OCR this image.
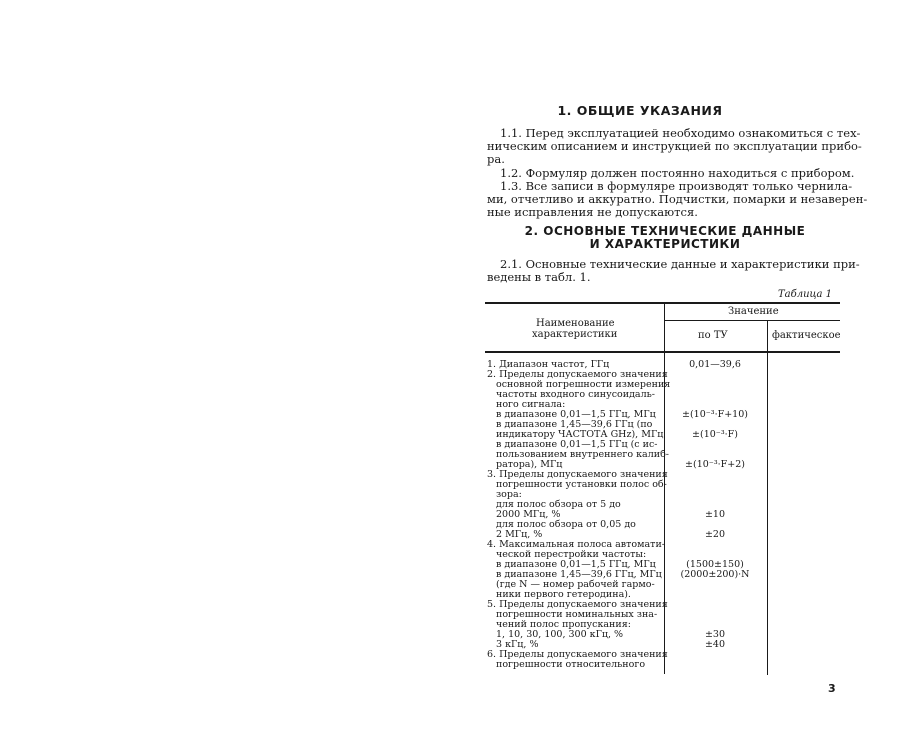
1. ОБЩИЕ УКАЗАНИЯ
1.1. Перед эксплуатацией необходимо ознакомиться с тех-
ническим описанием и инструкцией по эксплуатации прибо-
ра.
1.2. Формуляр должен постоянно находиться с прибором.
1.3. Все записи в формуляре производят только чернила-
ми, отчетливо и аккуратно. Подчистки, помарки и незаверен-
ные исправления не допускаются.
2. ОСНОВНЫЕ ТЕХНИЧЕСКИЕ ДАННЫЕ
И ХАРАКТЕРИСТИКИ
2.1. Основные технические данные и характеристики при-
ведены в табл. 1.
Таблица 1
Наименование
характеристики
Значение
по ТУ	фактическое
1. Диапазон частот, ГГц	0,01—39,6
2. Пределы допускаемого значения
основной погрешности измерения
частоты входного синусоидаль-
ного сигнала:
в диапазоне 0,01—1,5 ГГц, МГц	±(10⁻³·F+10)
в диапазоне 1,45—39,6 ГГц (по
индикатору ЧАСТОТА GHz), МГц	±(10⁻³·F)
в диапазоне 0,01—1,5 ГГц (с ис-
пользованием внутреннего калиб-
ратора), МГц	±(10⁻³·F+2)
3. Пределы допускаемого значения
погрешности установки полос об-
зора:
для полос обзора от 5 до
2000 МГц, %	±10
для полос обзора от 0,05 до
2 МГц, %	±20
4. Максимальная полоса автомати-
ческой перестройки частоты:
в диапазоне 0,01—1,5 ГГц, МГц	(1500±150)
в диапазоне 1,45—39,6 ГГц, МГц	(2000±200)·N
(где N — номер рабочей гармо-
ники первого гетеродина).
5. Пределы допускаемого значения
погрешности номинальных зна-
чений полос пропускания:
1, 10, 30, 100, 300 кГц, %	±30
3 кГц, %	±40
6. Пределы допускаемого значения
погрешности относительного
3
